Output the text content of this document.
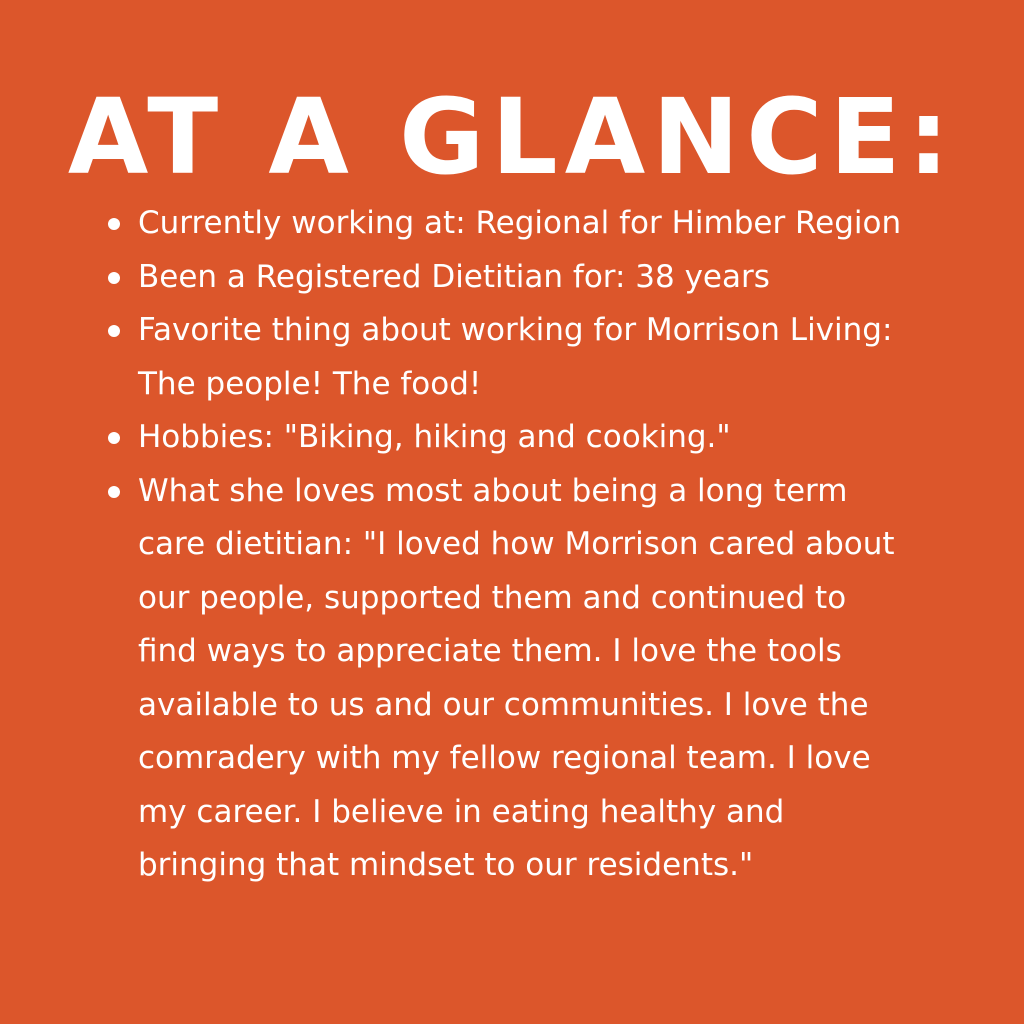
AT A GLANCE:
Currently working at: Regional for Himber Region
Been a Registered Dietitian for: 38 years
Favorite thing about working for Morrison Living:
The people! The food!
Hobbies: "Biking, hiking and cooking."
What she loves most about being a long term
care dietitian: "I loved how Morrison cared about
our people, supported them and continued to
find ways to appreciate them. I love the tools
available to us and our communities. I love the
comradery with my fellow regional team. I love
my career. I believe in eating healthy and
bringing that mindset to our residents."
